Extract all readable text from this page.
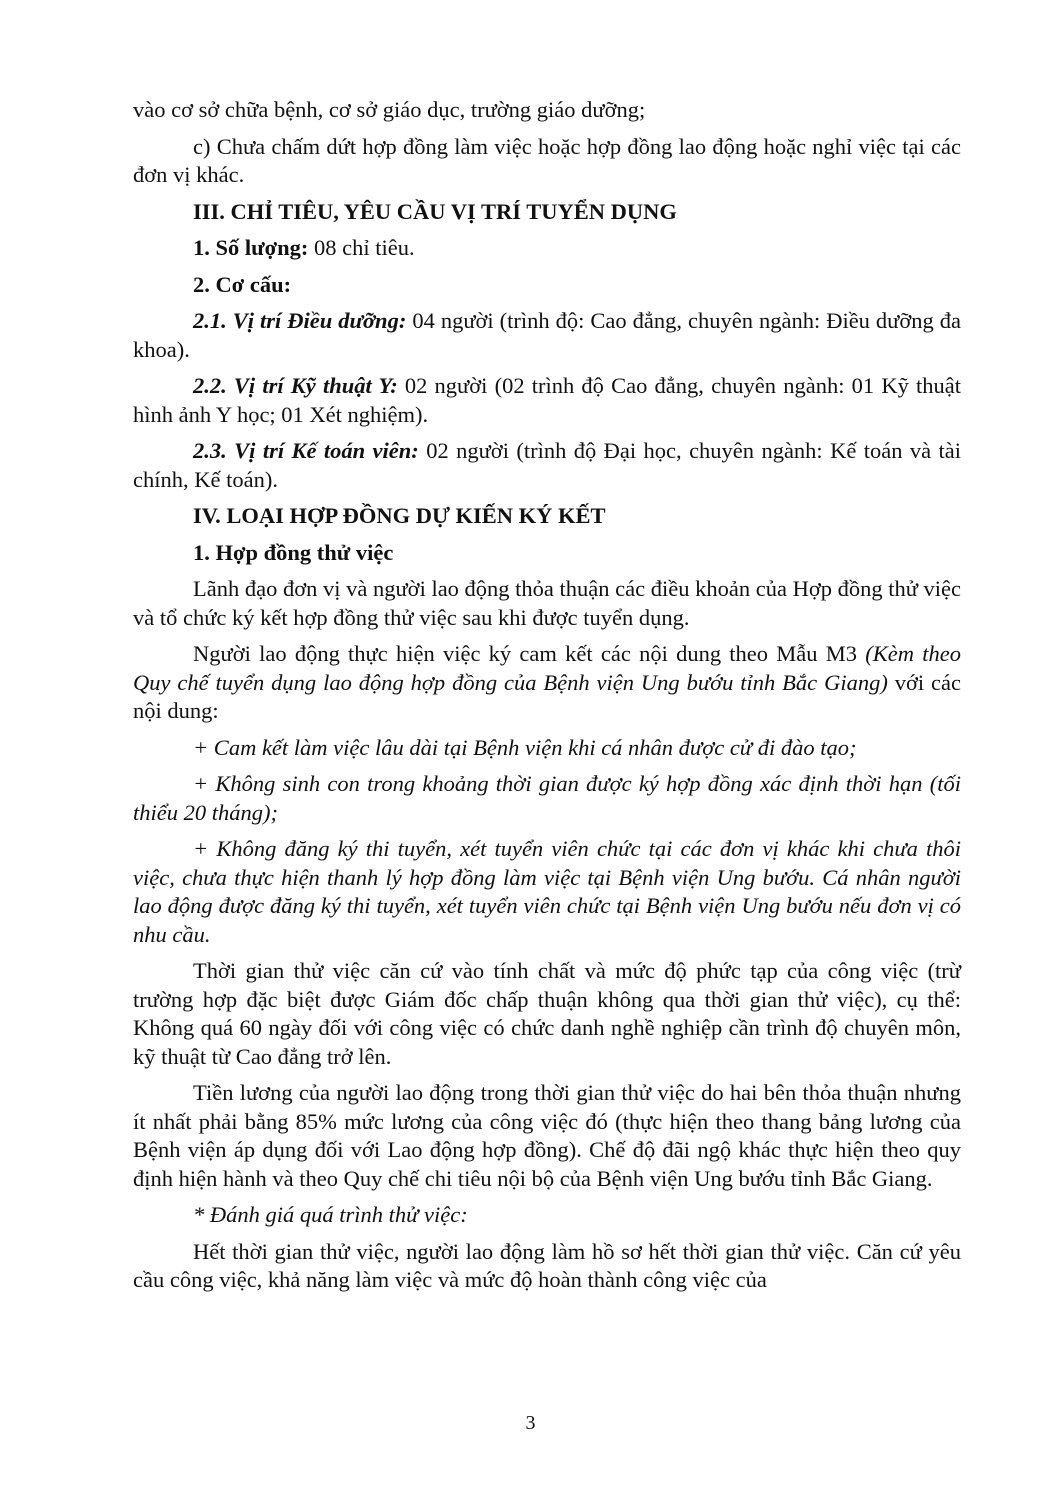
vào cơ sở chữa bệnh, cơ sở giáo dục, trường giáo dưỡng;

c) Chưa chấm dứt hợp đồng làm việc hoặc hợp đồng lao động hoặc nghỉ việc tại các đơn vị khác.

III. CHỈ TIÊU, YÊU CẦU VỊ TRÍ TUYỂN DỤNG

1. Số lượng: 08 chỉ tiêu.

2. Cơ cấu:

2.1. Vị trí Điều dưỡng: 04 người (trình độ: Cao đẳng, chuyên ngành: Điều dưỡng đa khoa).

2.2. Vị trí Kỹ thuật Y: 02 người (02 trình độ Cao đẳng, chuyên ngành: 01 Kỹ thuật hình ảnh Y học; 01 Xét nghiệm).

2.3. Vị trí Kế toán viên: 02 người (trình độ Đại học, chuyên ngành: Kế toán và tài chính, Kế toán).

IV. LOẠI HỢP ĐỒNG DỰ KIẾN KÝ KẾT

1. Hợp đồng thử việc

Lãnh đạo đơn vị và người lao động thỏa thuận các điều khoản của Hợp đồng thử việc và tổ chức ký kết hợp đồng thử việc sau khi được tuyển dụng.

Người lao động thực hiện việc ký cam kết các nội dung theo Mẫu M3 (Kèm theo Quy chế tuyển dụng lao động hợp đồng của Bệnh viện Ung bướu tỉnh Bắc Giang) với các nội dung:

+ Cam kết làm việc lâu dài tại Bệnh viện khi cá nhân được cử đi đào tạo;

+ Không sinh con trong khoảng thời gian được ký hợp đồng xác định thời hạn (tối thiểu 20 tháng);

+ Không đăng ký thi tuyển, xét tuyển viên chức tại các đơn vị khác khi chưa thôi việc, chưa thực hiện thanh lý hợp đồng làm việc tại Bệnh viện Ung bướu. Cá nhân người lao động được đăng ký thi tuyển, xét tuyển viên chức tại Bệnh viện Ung bướu nếu đơn vị có nhu cầu.

Thời gian thử việc căn cứ vào tính chất và mức độ phức tạp của công việc (trừ trường hợp đặc biệt được Giám đốc chấp thuận không qua thời gian thử việc), cụ thể: Không quá 60 ngày đối với công việc có chức danh nghề nghiệp cần trình độ chuyên môn, kỹ thuật từ Cao đẳng trở lên.

Tiền lương của người lao động trong thời gian thử việc do hai bên thỏa thuận nhưng ít nhất phải bằng 85% mức lương của công việc đó (thực hiện theo thang bảng lương của Bệnh viện áp dụng đối với Lao động hợp đồng). Chế độ đãi ngộ khác thực hiện theo quy định hiện hành và theo Quy chế chi tiêu nội bộ của Bệnh viện Ung bướu tỉnh Bắc Giang.

* Đánh giá quá trình thử việc:

Hết thời gian thử việc, người lao động làm hồ sơ hết thời gian thử việc. Căn cứ yêu cầu công việc, khả năng làm việc và mức độ hoàn thành công việc của

3
